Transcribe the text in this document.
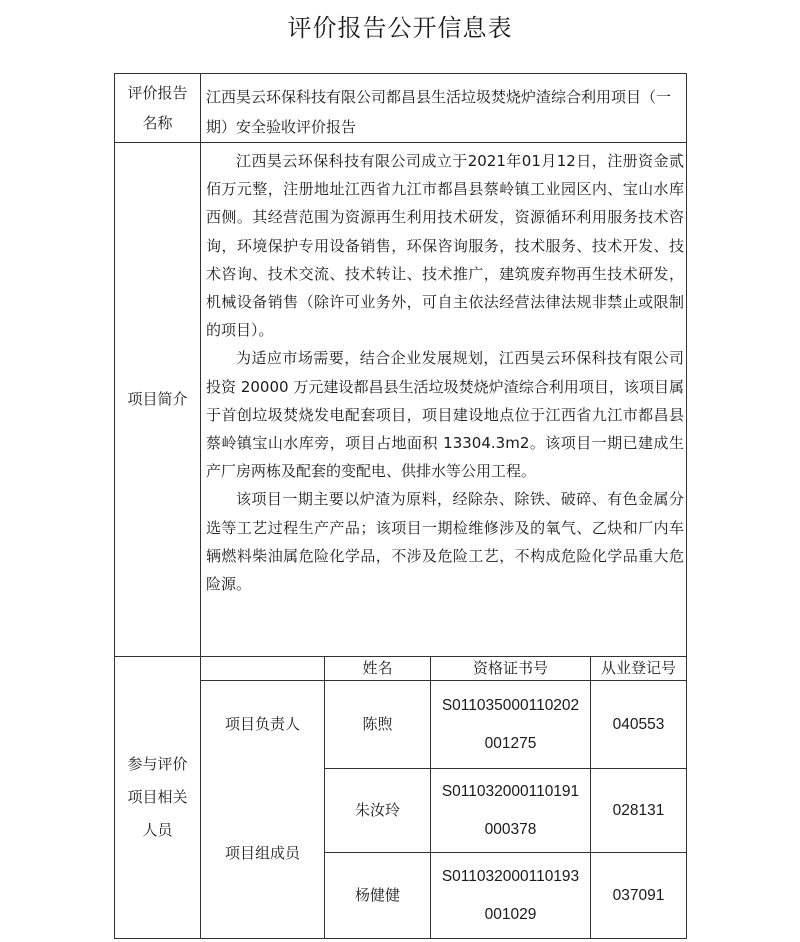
评价报告公开信息表
评价报告名称
江西昊云环保科技有限公司都昌县生活垃圾焚烧炉渣综合利用项目（一期）安全验收评价报告
项目简介

江西昊云环保科技有限公司成立于2021年01月12日，注册资金贰佰万元整，注册地址江西省九江市都昌县蔡岭镇工业园区内、宝山水库西侧。其经营范围为资源再生利用技术研发，资源循环利用服务技术咨询，环境保护专用设备销售，环保咨询服务，技术服务、技术开发、技术咨询、技术交流、技术转让、技术推广，建筑废弃物再生技术研发，机械设备销售（除许可业务外，可自主依法经营法律法规非禁止或限制的项目）。

为适应市场需要，结合企业发展规划，江西昊云环保科技有限公司投资 20000 万元建设都昌县生活垃圾焚烧炉渣综合利用项目，该项目属于首创垃圾焚烧发电配套项目，项目建设地点位于江西省九江市都昌县蔡岭镇宝山水库旁，项目占地面积 13304.3m2。该项目一期已建成生产厂房两栋及配套的变配电、供排水等公用工程。

该项目一期主要以炉渣为原料，经除杂、除铁、破碎、有色金属分选等工艺过程生产产品；该项目一期检维修涉及的氧气、乙炔和厂内车辆燃料柴油属危险化学品，不涉及危险工艺，不构成危险化学品重大危险源。

参与评价
项目相关
人员
姓名	资格证书号	从业登记号
项目负责人
项目组成员
陈煦
S011035000110202
001275
040553
朱汝玲
S011032000110191
000378
028131
杨健健
S011032000110193
001029
037091
